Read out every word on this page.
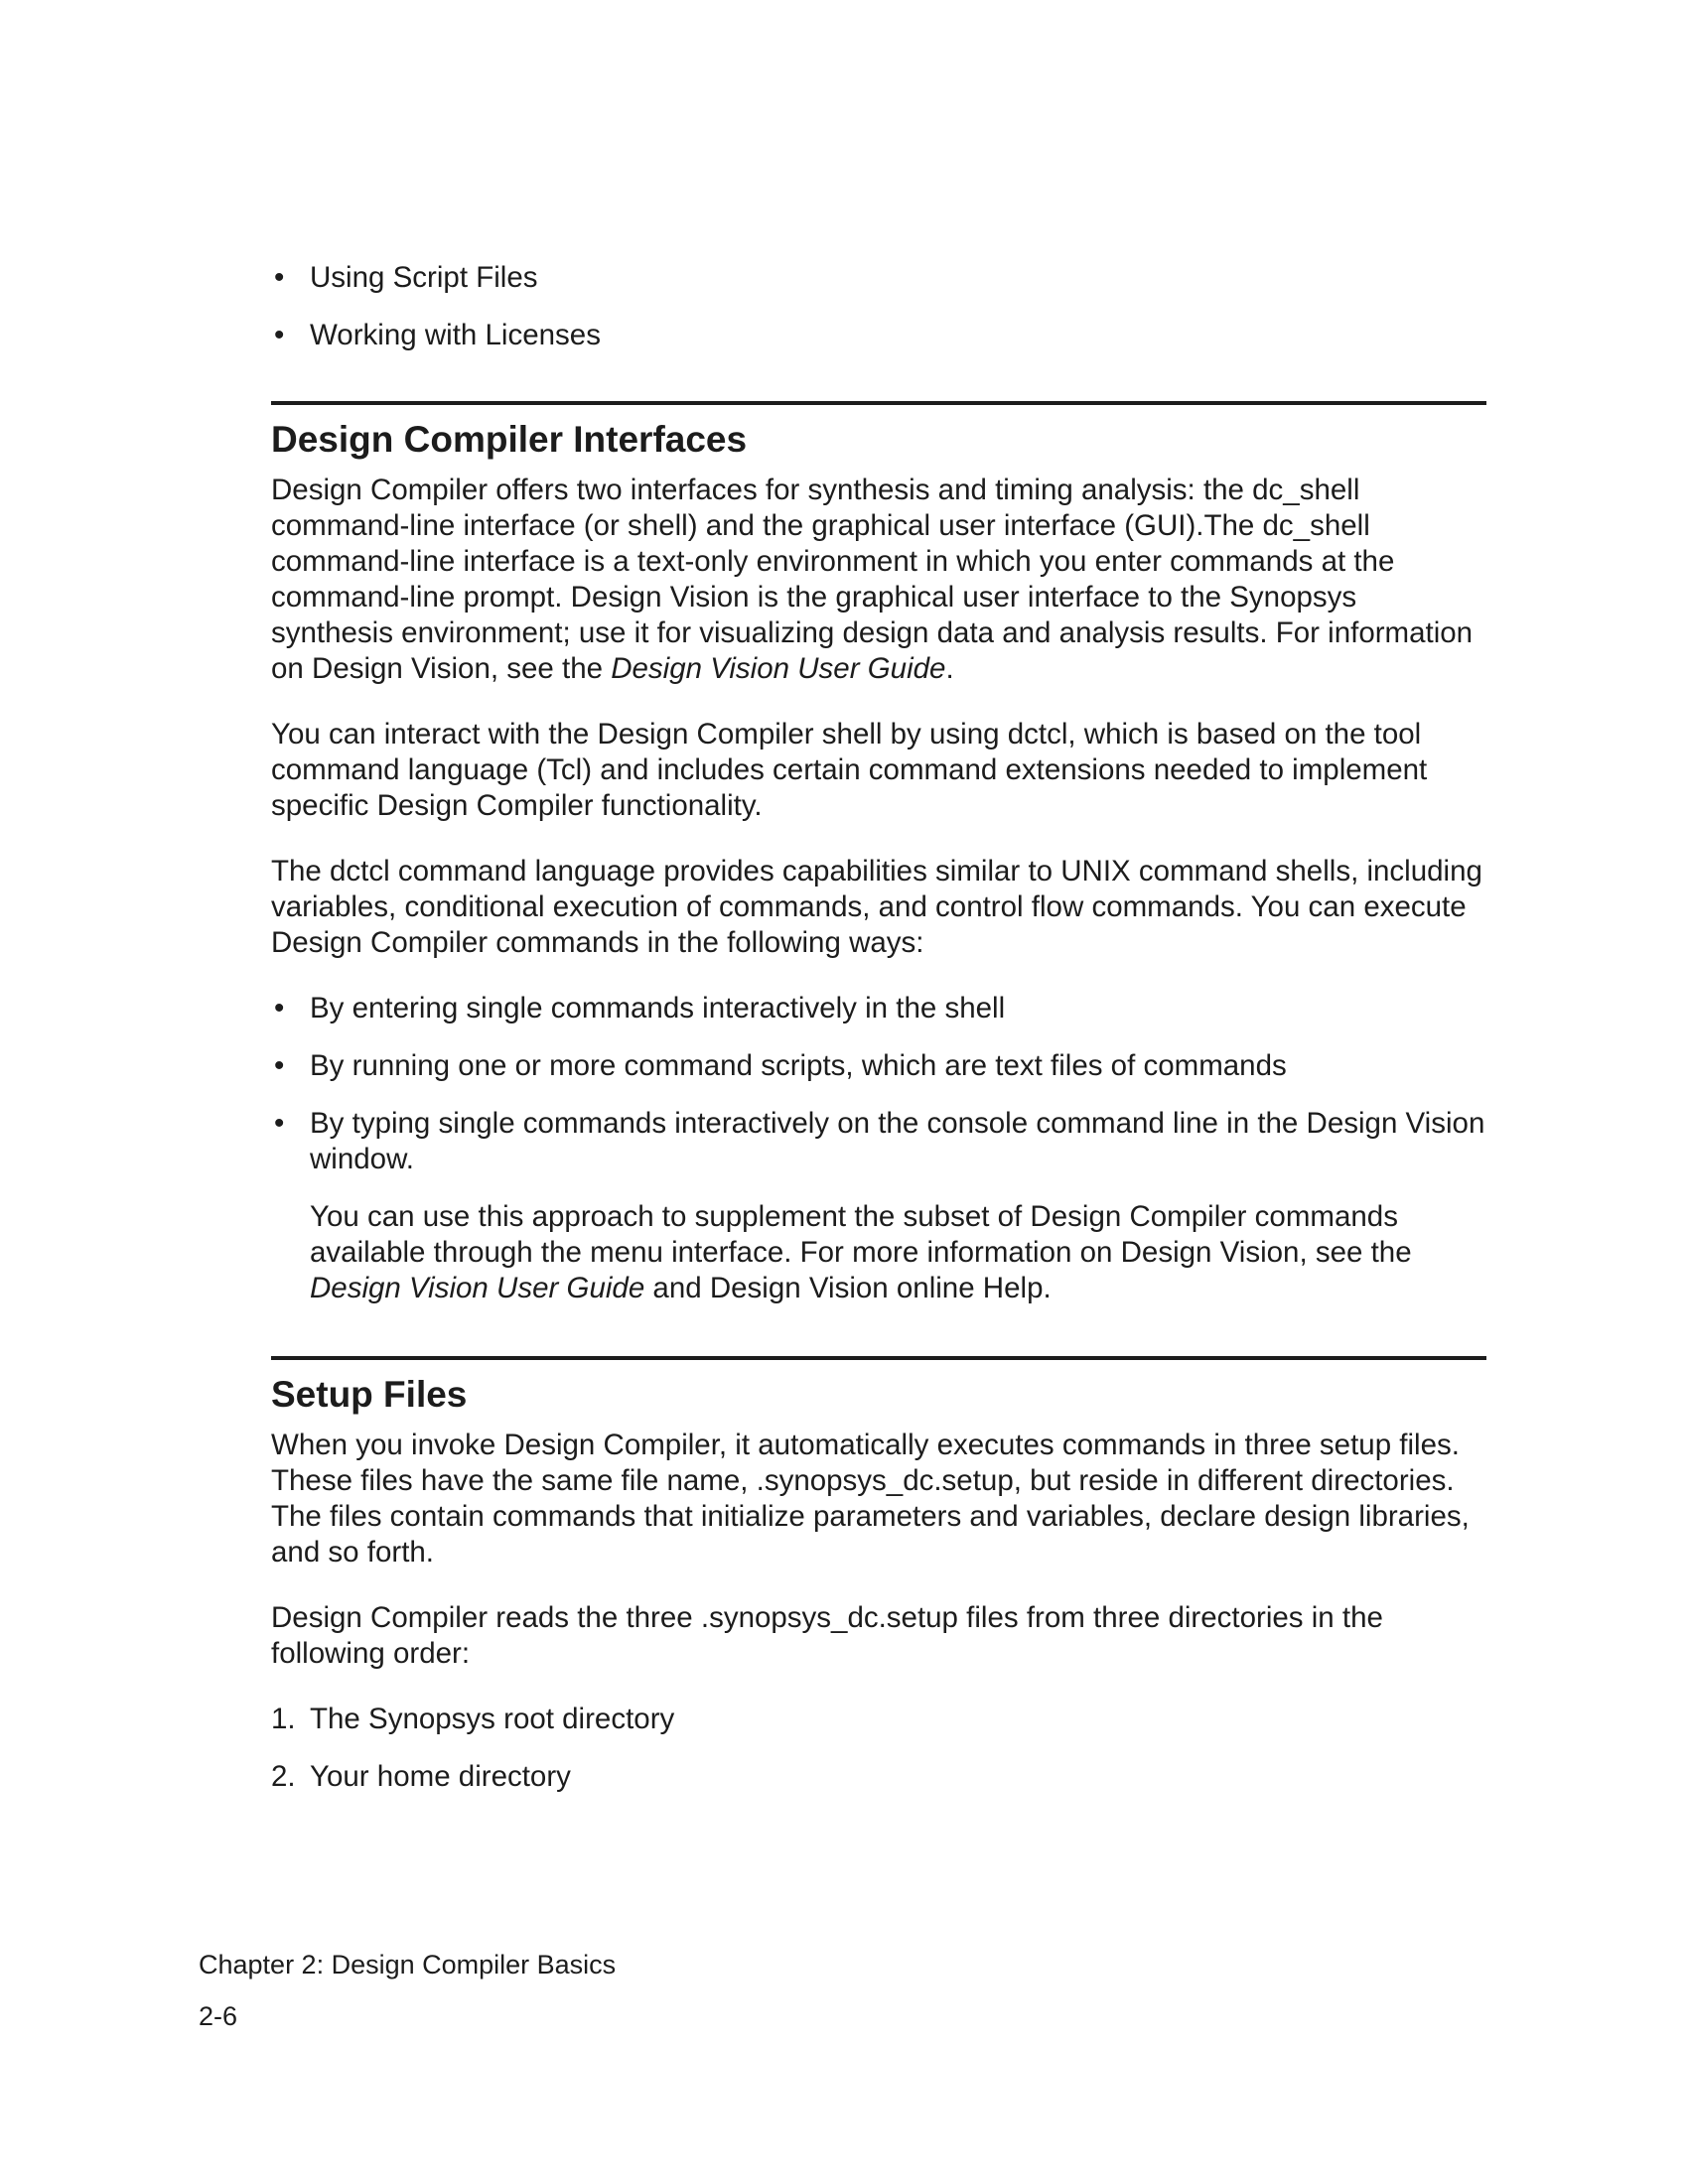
• Using Script Files
• Working with Licenses
Design Compiler Interfaces

Design Compiler offers two interfaces for synthesis and timing analysis: the dc_shell command-line interface (or shell) and the graphical user interface (GUI).The dc_shell command-line interface is a text-only environment in which you enter commands at the command-line prompt. Design Vision is the graphical user interface to the Synopsys synthesis environment; use it for visualizing design data and analysis results. For information on Design Vision, see the Design Vision User Guide.

You can interact with the Design Compiler shell by using dctcl, which is based on the tool command language (Tcl) and includes certain command extensions needed to implement specific Design Compiler functionality.

The dctcl command language provides capabilities similar to UNIX command shells, including variables, conditional execution of commands, and control flow commands. You can execute Design Compiler commands in the following ways:

• By entering single commands interactively in the shell
• By running one or more command scripts, which are text files of commands
• By typing single commands interactively on the console command line in the Design Vision window.

You can use this approach to supplement the subset of Design Compiler commands available through the menu interface. For more information on Design Vision, see the Design Vision User Guide and Design Vision online Help.

Setup Files

When you invoke Design Compiler, it automatically executes commands in three setup files. These files have the same file name, .synopsys_dc.setup, but reside in different directories. The files contain commands that initialize parameters and variables, declare design libraries, and so forth.

Design Compiler reads the three .synopsys_dc.setup files from three directories in the following order:

1. The Synopsys root directory
2. Your home directory
Chapter 2: Design Compiler Basics
2-6
